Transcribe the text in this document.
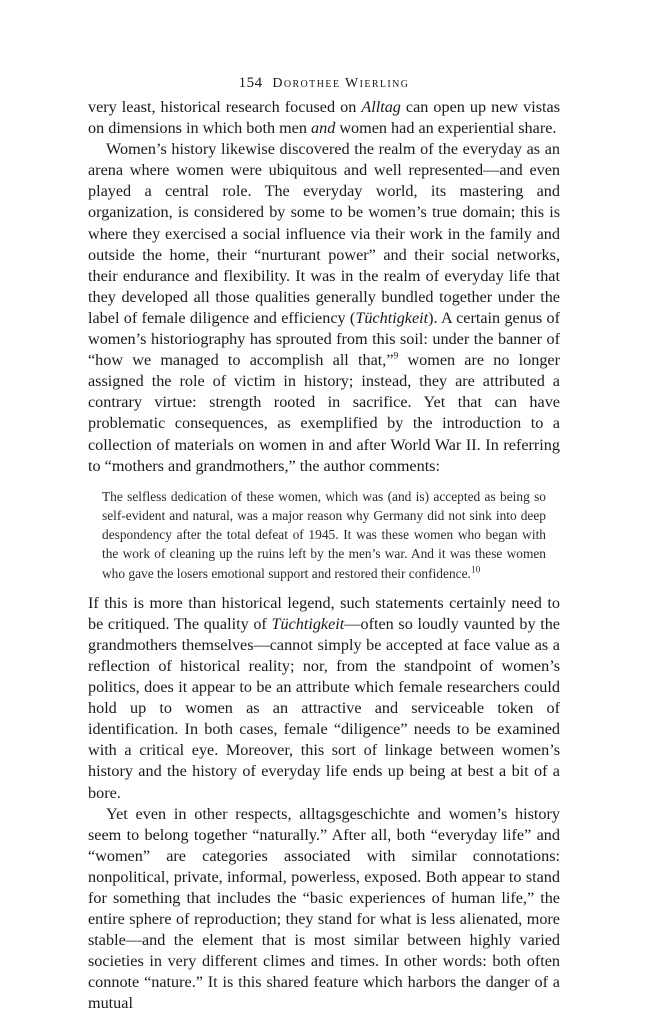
154 Dorothee Wierling

very least, historical research focused on Alltag can open up new vistas on dimensions in which both men and women had an experiential share.

Women’s history likewise discovered the realm of the everyday as an arena where women were ubiquitous and well represented—and even played a central role. The everyday world, its mastering and organization, is considered by some to be women’s true domain; this is where they exercised a social influence via their work in the family and outside the home, their “nurturant power” and their social networks, their endurance and flexibility. It was in the realm of everyday life that they developed all those qualities generally bundled together under the label of female diligence and efficiency (Tüchtigkeit). A certain genus of women’s historiography has sprouted from this soil: under the banner of “how we managed to accomplish all that,”$^9$ women are no longer assigned the role of victim in history; instead, they are attributed a contrary virtue: strength rooted in sacrifice. Yet that can have problematic consequences, as exemplified by the introduction to a collection of materials on women in and after World War II. In referring to “mothers and grandmothers,” the author comments:

The selfless dedication of these women, which was (and is) accepted as being so self-evident and natural, was a major reason why Germany did not sink into deep despondency after the total defeat of 1945. It was these women who began with the work of cleaning up the ruins left by the men’s war. And it was these women who gave the losers emotional support and restored their confidence.$^{10}$

If this is more than historical legend, such statements certainly need to be critiqued. The quality of Tüchtigkeit—often so loudly vaunted by the grandmothers themselves—cannot simply be accepted at face value as a reflection of historical reality; nor, from the standpoint of women’s politics, does it appear to be an attribute which female researchers could hold up to women as an attractive and serviceable token of identification. In both cases, female “diligence” needs to be examined with a critical eye. Moreover, this sort of linkage between women’s history and the history of everyday life ends up being at best a bit of a bore.

Yet even in other respects, alltagsgeschichte and women’s history seem to belong together “naturally.” After all, both “everyday life” and “women” are categories associated with similar connotations: nonpolitical, private, informal, powerless, exposed. Both appear to stand for something that includes the “basic experiences of human life,” the entire sphere of reproduction; they stand for what is less alienated, more stable—and the element that is most similar between highly varied societies in very different climes and times. In other words: both often connote “nature.” It is this shared feature which harbors the danger of a mutual
